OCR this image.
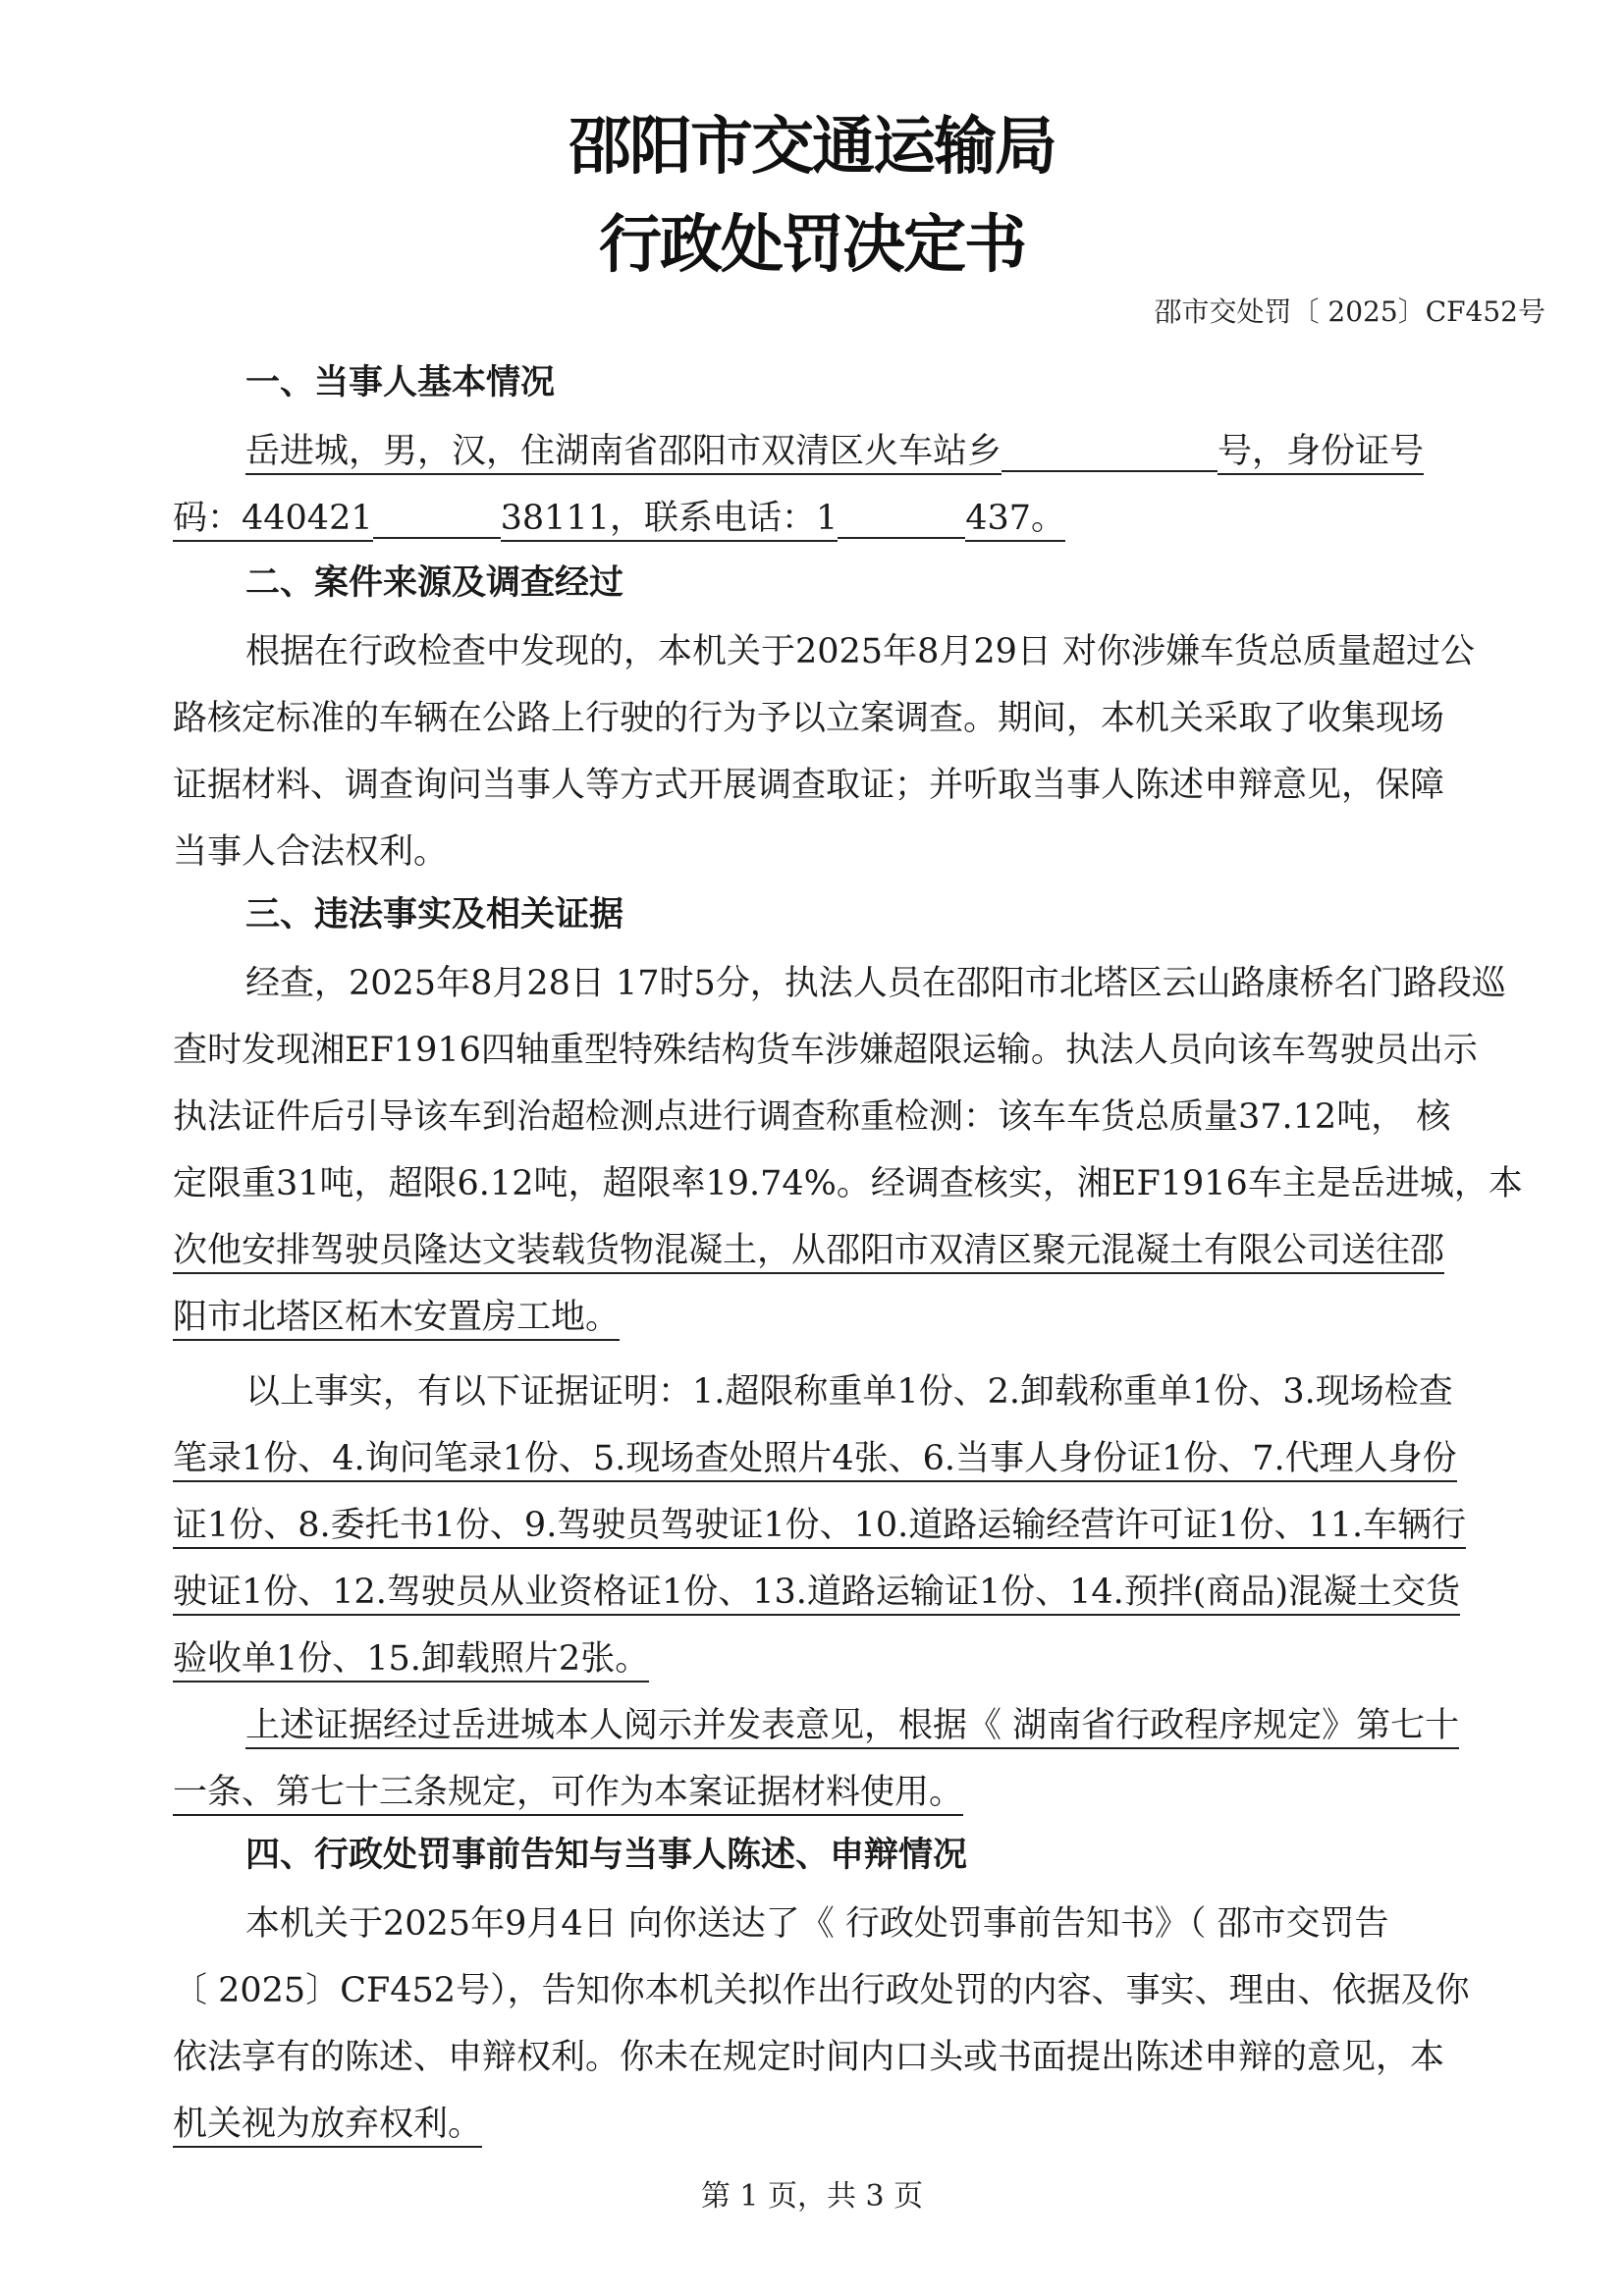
邵阳市交通运输局
行政处罚决定书
邵市交处罚〔 2025〕CF452号
一、当事人基本情况
岳进城，男，汉，住湖南省邵阳市双清区火车站乡	号，身份证号
码：440421	38111，联系电话：1	437。
二、案件来源及调查经过
根据在行政检查中发现的，本机关于2025年8月29日 对你涉嫌车货总质量超过公
路核定标准的车辆在公路上行驶的行为予以立案调查。期间，本机关采取了收集现场
证据材料、调查询问当事人等方式开展调查取证；并听取当事人陈述申辩意见，保障
当事人合法权利。
三、违法事实及相关证据
经查，2025年8月28日 17时5分，执法人员在邵阳市北塔区云山路康桥名门路段巡
查时发现湘EF1916四轴重型特殊结构货车涉嫌超限运输。执法人员向该车驾驶员出示
执法证件后引导该车到治超检测点进行调查称重检测：该车车货总质量37.12吨， 核
定限重31吨，超限6.12吨，超限率19.74%。经调查核实，湘EF1916车主是岳进城，本
次他安排驾驶员隆达文装载货物混凝土，从邵阳市双清区聚元混凝土有限公司送往邵
阳市北塔区柘木安置房工地。
以上事实，有以下证据证明：1.超限称重单1份、2.卸载称重单1份、3.现场检查
笔录1份、4.询问笔录1份、5.现场查处照片4张、6.当事人身份证1份、7.代理人身份
证1份、8.委托书1份、9.驾驶员驾驶证1份、10.道路运输经营许可证1份、11.车辆行
驶证1份、12.驾驶员从业资格证1份、13.道路运输证1份、14.预拌(商品)混凝土交货
验收单1份、15.卸载照片2张。
上述证据经过岳进城本人阅示并发表意见，根据《 湖南省行政程序规定》第七十
一条、第七十三条规定，可作为本案证据材料使用。
四、行政处罚事前告知与当事人陈述、申辩情况
本机关于2025年9月4日 向你送达了《 行政处罚事前告知书》（ 邵市交罚告
〔 2025〕CF452号），告知你本机关拟作出行政处罚的内容、事实、理由、依据及你
依法享有的陈述、申辩权利。你未在规定时间内口头或书面提出陈述申辩的意见，本
机关视为放弃权利。
第 1 页，共 3 页
